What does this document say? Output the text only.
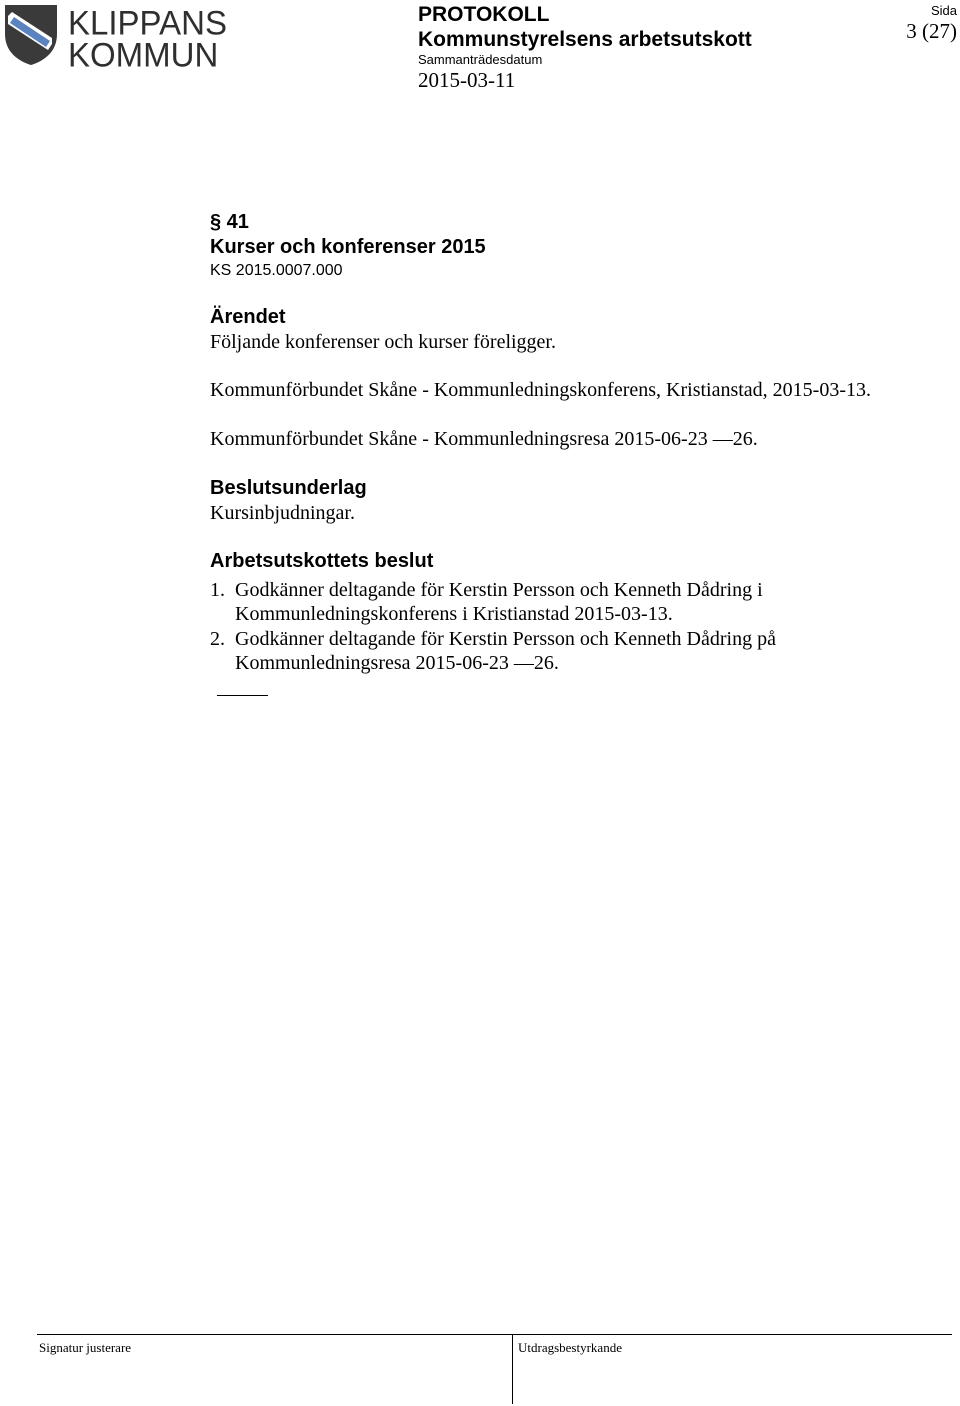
KLIPPANS
KOMMUN
PROTOKOLL
Kommunstyrelsens arbetsutskott
Sammanträdesdatum
2015-03-11
Sida
3 (27)
§ 41
Kurser och konferenser 2015
KS 2015.0007.000
Ärendet
Följande konferenser och kurser föreligger.
Kommunförbundet Skåne - Kommunledningskonferens, Kristianstad, 2015-03-13.
Kommunförbundet Skåne - Kommunledningsresa 2015-06-23 —26.
Beslutsunderlag
Kursinbjudningar.
Arbetsutskottets beslut
1. Godkänner deltagande för Kerstin Persson och Kenneth Dådring i
Kommunledningskonferens i Kristianstad 2015-03-13.
2. Godkänner deltagande för Kerstin Persson och Kenneth Dådring på
Kommunledningsresa 2015-06-23 —26.
Signatur justerare	Utdragsbestyrkande
